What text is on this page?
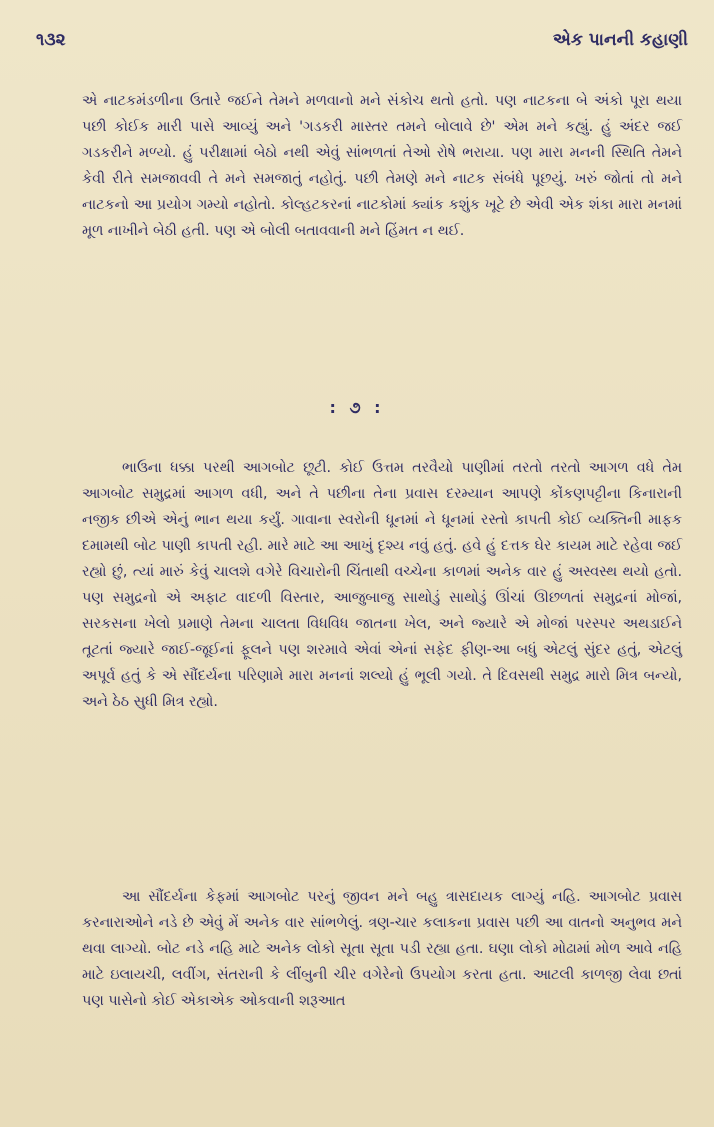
૧૩૨	એક પાનની કહાણી

એ નાટકમંડળીના ઉતારે જઈને તેમને મળવાનો મને સંકોચ થતો હતો. પણ નાટકના બે અંકો પૂરા થયા પછી કોઈક મારી પાસે આવ્યું અને 'ગડકરી માસ્તર તમને બોલાવે છે' એમ મને કહ્યું. હું અંદર જઈ ગડકરીને મળ્યો. હું પરીક્ષામાં બેઠો નથી એવું સાંભળતાં તેઓ રોષે ભરાયા. પણ મારા મનની સ્થિતિ તેમને કેવી રીતે સમજાવવી તે મને સમજાતું નહોતું. પછી તેમણે મને નાટક સંબંધે પૂછયું. ખરું જોતાં તો મને નાટકનો આ પ્રયોગ ગમ્યો નહોતો. કોલ્હટકરનાં નાટકોમાં ક્યાંક કશુંક ખૂટે છે એવી એક શંકા મારા મનમાં મૂળ નાખીને બેઠી હતી. પણ એ બોલી બતાવવાની મને હિંમત ન થઈ.

: ૭ :

ભાઉના ધક્કા પરથી આગબોટ છૂટી. કોઈ ઉત્તમ તરવૈયો પાણીમાં તરતો તરતો આગળ વધે તેમ આગબોટ સમુદ્રમાં આગળ વધી, અને તે પછીના તેના પ્રવાસ દરમ્યાન આપણે કોંકણપટ્ટીના કિનારાની નજીક છીએ એનું ભાન થયા કર્યું. ગાવાના સ્વરોની ધૂનમાં ને ધૂનમાં રસ્તો કાપતી કોઈ વ્યક્તિની માફક દમામથી બોટ પાણી કાપતી રહી. મારે માટે આ આખું દૃશ્ય નવું હતું. હવે હું દત્તક ઘેર કાયમ માટે રહેવા જઈ રહ્યો છું, ત્યાં મારું કેવું ચાલશે વગેરે વિચારોની ચિંતાથી વચ્ચેના કાળમાં અનેક વાર હું અસ્વસ્થ થયો હતો. પણ સમુદ્રનો એ અફાટ વાદળી વિસ્તાર, આજુબાજુ સાથોડું સાથોડું ઊંચાં ઊછળતાં સમુદ્રનાં મોજાં, સરકસના ખેલો પ્રમાણે તેમના ચાલતા વિધવિધ જાતના ખેલ, અને જ્યારે એ મોજાં પરસ્પર અથડાઈને તૂટતાં જ્યારે જાઈ-જૂઈનાં ફૂલને પણ શરમાવે એવાં એનાં સફેદ ફીણ-આ બધું એટલું સુંદર હતું, એટલું અપૂર્વ હતું કે એ સૌંદર્યના પરિણામે મારા મનનાં શલ્યો હું ભૂલી ગયો. તે દિવસથી સમુદ્ર મારો મિત્ર બન્યો, અને ઠેઠ સુધી મિત્ર રહ્યો.

આ સૌંદર્યના કેફમાં આગબોટ પરનું જીવન મને બહુ ત્રાસદાયક લાગ્યું નહિ. આગબોટ પ્રવાસ કરનારાઓને નડે છે એવું મેં અનેક વાર સાંભળેલું. ત્રણ-ચાર કલાકના પ્રવાસ પછી આ વાતનો અનુભવ મને થવા લાગ્યો. બોટ નડે નહિ માટે અનેક લોકો સૂતા સૂતા પડી રહ્યા હતા. ઘણા લોકો મોઢામાં મોળ આવે નહિ માટે ઇલાયચી, લવીંગ, સંતરાની કે લીંબુની ચીર વગેરેનો ઉપયોગ કરતા હતા. આટલી કાળજી લેવા છતાં પણ પાસેનો કોઈ એકાએક ઓકવાની શરૂઆત
